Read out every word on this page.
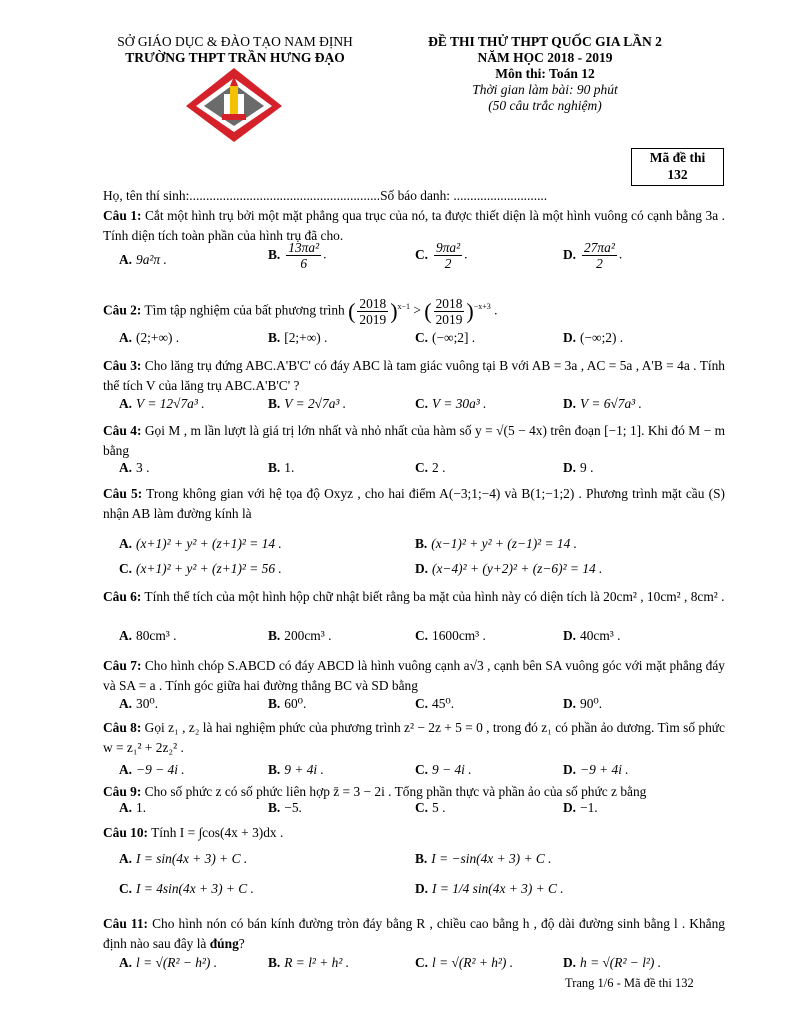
SỞ GIÁO DỤC & ĐÀO TẠO NAM ĐỊNH
TRƯỜNG THPT TRẦN HƯNG ĐẠO
ĐỀ THI THỬ THPT QUỐC GIA LẦN 2
NĂM HỌC 2018 - 2019
Môn thi: Toán 12
Thời gian làm bài: 90 phút
(50 câu trắc nghiệm)
Mã đề thi
132
Họ, tên thí sinh:.........................................................Số báo danh: ............................
Câu 1: Cắt một hình trụ bởi một mặt phẳng qua trục của nó, ta được thiết diện là một hình vuông có cạnh bằng 3a . Tính diện tích toàn phần của hình trụ đã cho.
A. 9a²π .	B. $\frac{\text{13πa²}}{6}$ .	C. $\frac{\text{9πa²}}{2}$ .	D. $\frac{\text{27πa²}}{2}$ .
Câu 2: Tìm tập nghiệm của bất phương trình ( $\frac{2018}{2019} )^{x-1}$ > ( $\frac{2018}{2019} )^{-x+3}$ .
A. (2;+∞) .	B. [2;+∞) .	C. (−∞;2] .	D. (−∞;2) .
Câu 3: Cho lăng trụ đứng ABC.A'B'C' có đáy ABC là tam giác vuông tại B với AB = 3a , AC = 5a , A'B = 4a . Tính thể tích V của lăng trụ ABC.A'B'C' ?
A. V = 12√7a³ .	B. V = 2√7a³ .	C. V = 30a³ .	D. V = 6√7a³ .
Câu 4: Gọi M , m lần lượt là giá trị lớn nhất và nhỏ nhất của hàm số y = √(5 − 4x) trên đoạn [−1; 1]. Khi đó M − m bằng
A. 3 .	B. 1.	C. 2 .	D. 9 .
Câu 5: Trong không gian với hệ tọa độ Oxyz , cho hai điểm A(−3;1;−4) và B(1;−1;2) . Phương trình mặt cầu (S) nhận AB làm đường kính là
A. (x+1)² + y² + (z+1)² = 14 .	B. (x−1)² + y² + (z−1)² = 14 .
C. (x+1)² + y² + (z+1)² = 56 .	D. (x−4)² + (y+2)² + (z−6)² = 14 .
Câu 6: Tính thể tích của một hình hộp chữ nhật biết rằng ba mặt của hình này có diện tích là 20cm² , 10cm² , 8cm² .
A. 80cm³ .	B. 200cm³ .	C. 1600cm³ .	D. 40cm³ .
Câu 7: Cho hình chóp S.ABCD có đáy ABCD là hình vuông cạnh a√3 , cạnh bên SA vuông góc với mặt phẳng đáy và SA = a . Tính góc giữa hai đường thẳng BC và SD bằng
A. 30⁰.	B. 60⁰.	C. 45⁰.	D. 90⁰.
Câu 8: Gọi z₁ , z₂ là hai nghiệm phức của phương trình z² − 2z + 5 = 0 , trong đó z₁ có phần ảo dương. Tìm số phức w = z₁² + 2z₂² .
A. −9 − 4i .	B. 9 + 4i .	C. 9 − 4i .	D. −9 + 4i .
Câu 9: Cho số phức z có số phức liên hợp z̄ = 3 − 2i . Tổng phần thực và phần ảo của số phức z bằng
A. 1.	B. −5.	C. 5 .	D. −1.
Câu 10: Tính I = ∫cos(4x + 3)dx .
A. I = sin(4x + 3) + C .	B. I = −sin(4x + 3) + C .
C. I = 4sin(4x + 3) + C .	D. I = 1/4 sin(4x + 3) + C .
Câu 11: Cho hình nón có bán kính đường tròn đáy bằng R , chiều cao bằng h , độ dài đường sinh bằng l . Khẳng định nào sau đây là đúng?
A. l = √(R² − h²) .	B. R = l² + h² .	C. l = √(R² + h²) .	D. h = √(R² − l²) .
Trang 1/6 - Mã đề thi 132
